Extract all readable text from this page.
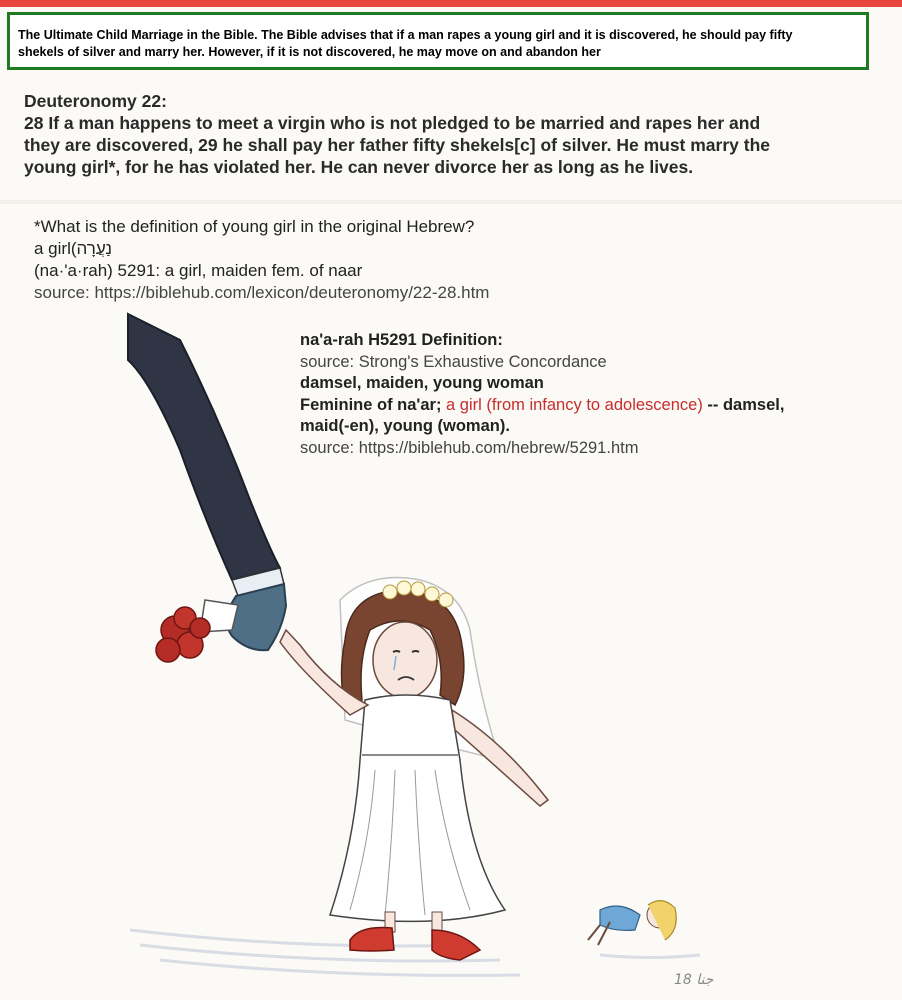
The Ultimate Child Marriage in the Bible. The Bible advises that if a man rapes a young girl and it is discovered, he should pay fifty
shekels of silver and marry her. However, if it is not discovered, he may move on and abandon her
Deuteronomy 22:
28 If a man happens to meet a virgin who is not pledged to be married and rapes her and
they are discovered, 29 he shall pay her father fifty shekels[c] of silver. He must marry the
young girl*, for he has violated her. He can never divorce her as long as he lives.
*What is the definition of young girl in the original Hebrew?
a girl(נַעֲרָה
(na·'a·rah) 5291: a girl, maiden fem. of naar
source: https://biblehub.com/lexicon/deuteronomy/22-28.htm
na'a-rah H5291 Definition:
source: Strong's Exhaustive Concordance
damsel, maiden, young woman
Feminine of na'ar; a girl (from infancy to adolescence) -- damsel,
maid(-en), young (woman).
source: https://biblehub.com/hebrew/5291.htm
ﺟﻨﺎ 18
